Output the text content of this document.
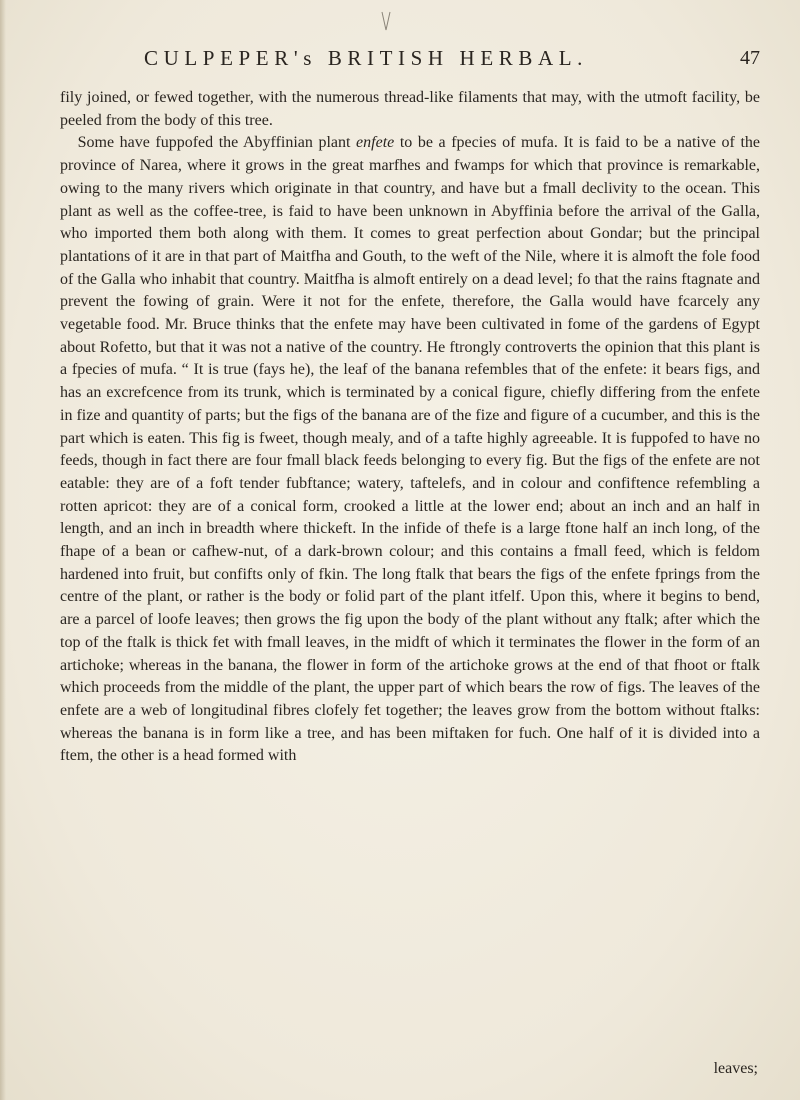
CULPEPER's BRITISH HERBAL.	47

fily joined, or fewed together, with the numerous thread-like filaments that may, with the utmoft facility, be peeled from the body of this tree.

Some have fuppofed the Abyffinian plant enfete to be a fpecies of mufa. It is faid to be a native of the province of Narea, where it grows in the great marfhes and fwamps for which that province is remarkable, owing to the many rivers which originate in that country, and have but a fmall declivity to the ocean. This plant as well as the coffee-tree, is faid to have been unknown in Abyffinia before the arrival of the Galla, who imported them both along with them. It comes to great perfection about Gondar; but the principal plantations of it are in that part of Maitfha and Gouth, to the weft of the Nile, where it is almoft the fole food of the Galla who inhabit that country. Maitfha is almoft entirely on a dead level; fo that the rains ftagnate and prevent the fowing of grain. Were it not for the enfete, therefore, the Galla would have fcarcely any vegetable food. Mr. Bruce thinks that the enfete may have been cultivated in fome of the gardens of Egypt about Rofetto, but that it was not a native of the country. He ftrongly controverts the opinion that this plant is a fpecies of mufa. “ It is true (fays he), the leaf of the banana refembles that of the enfete: it bears figs, and has an excrefcence from its trunk, which is terminated by a conical figure, chiefly differing from the enfete in fize and quantity of parts; but the figs of the banana are of the fize and figure of a cucumber, and this is the part which is eaten. This fig is fweet, though mealy, and of a tafte highly agreeable. It is fuppofed to have no feeds, though in fact there are four fmall black feeds belonging to every fig. But the figs of the enfete are not eatable: they are of a foft tender fubftance; watery, taftelefs, and in colour and confiftence refembling a rotten apricot: they are of a conical form, crooked a little at the lower end; about an inch and an half in length, and an inch in breadth where thickeft. In the infide of thefe is a large ftone half an inch long, of the fhape of a bean or cafhew-nut, of a dark-brown colour; and this contains a fmall feed, which is feldom hardened into fruit, but confifts only of fkin. The long ftalk that bears the figs of the enfete fprings from the centre of the plant, or rather is the body or folid part of the plant itfelf. Upon this, where it begins to bend, are a parcel of loofe leaves; then grows the fig upon the body of the plant without any ftalk; after which the top of the ftalk is thick fet with fmall leaves, in the midft of which it terminates the flower in the form of an artichoke; whereas in the banana, the flower in form of the artichoke grows at the end of that fhoot or ftalk which proceeds from the middle of the plant, the upper part of which bears the row of figs. The leaves of the enfete are a web of longitudinal fibres clofely fet together; the leaves grow from the bottom without ftalks: whereas the banana is in form like a tree, and has been miftaken for fuch. One half of it is divided into a ftem, the other is a head formed with

leaves;
